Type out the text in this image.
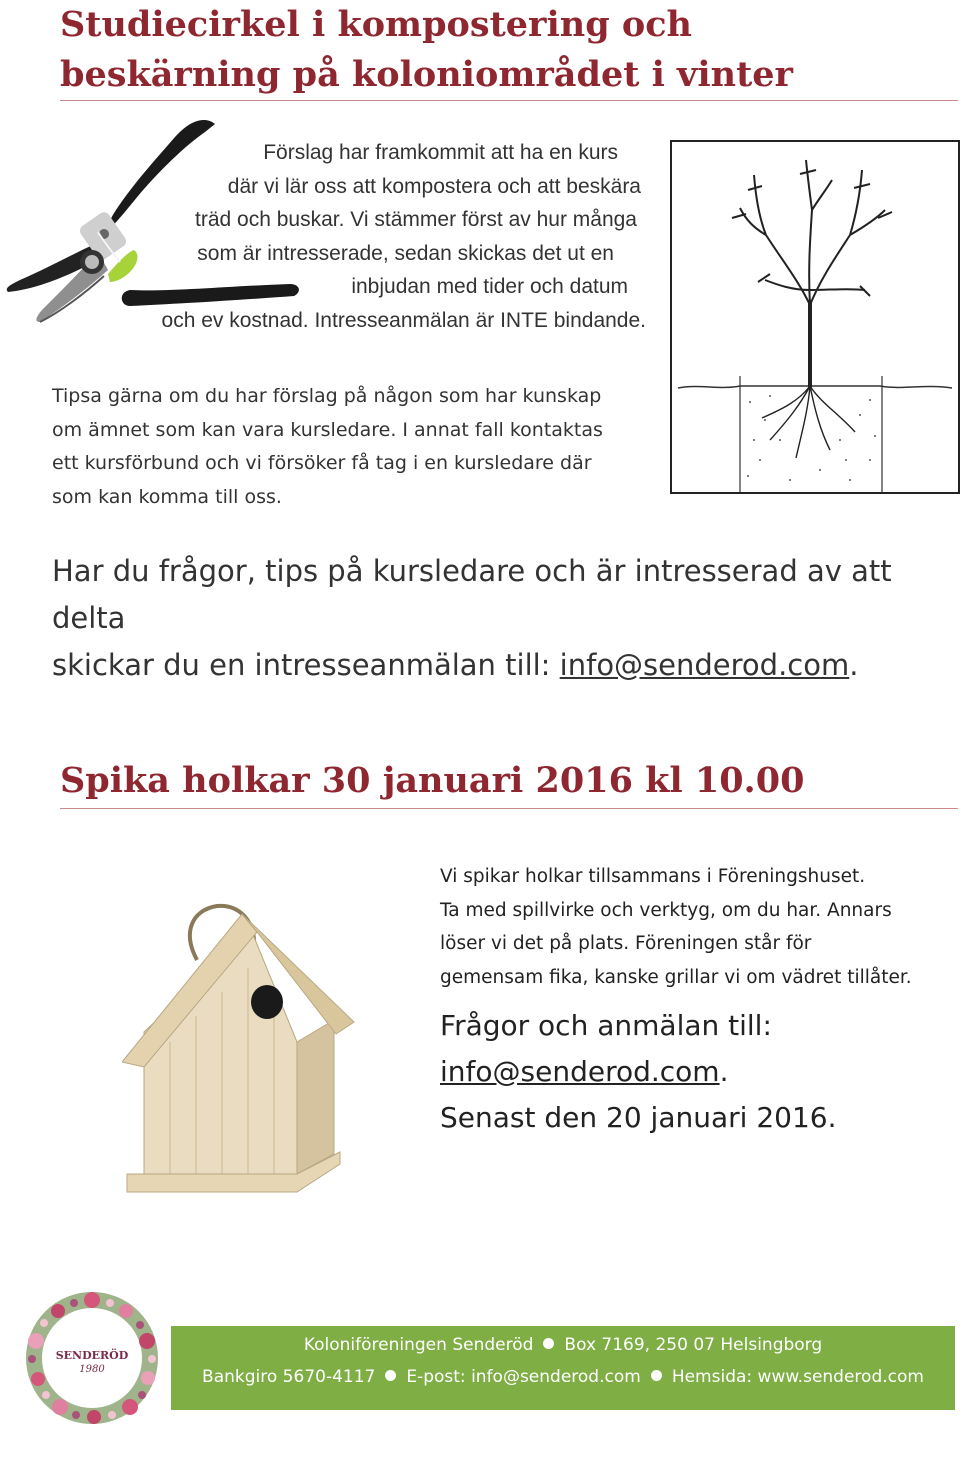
Studiecirkel i kompostering och
beskärning på koloniområdet i vinter

Förslag har framkommit att ha en kurs
där vi lär oss att kompostera och att beskära
träd och buskar. Vi stämmer först av hur många
som är intresserade, sedan skickas det ut en
inbjudan med tider och datum
och ev kostnad. Intresseanmälan är INTE bindande.

Tipsa gärna om du har förslag på någon som har kunskap
om ämnet som kan vara kursledare. I annat fall kontaktas
ett kursförbund och vi försöker få tag i en kursledare där
som kan komma till oss.

Har du frågor, tips på kursledare och är intresserad av att delta
skickar du en intresseanmälan till: info@senderod.com.

Spika holkar 30 januari 2016 kl 10.00

Vi spikar holkar tillsammans i Föreningshuset.
Ta med spillvirke och verktyg, om du har. Annars
löser vi det på plats. Föreningen står för
gemensam fika, kanske grillar vi om vädret tillåter.

Frågor och anmälan till:
info@senderod.com.
Senast den 20 januari 2016.

SENDERÖD
1980
Koloniföreningen Senderöd Box 7169, 250 07 Helsingborg
Bankgiro 5670-4117 E-post: info@senderod.com Hemsida: www.senderod.com
